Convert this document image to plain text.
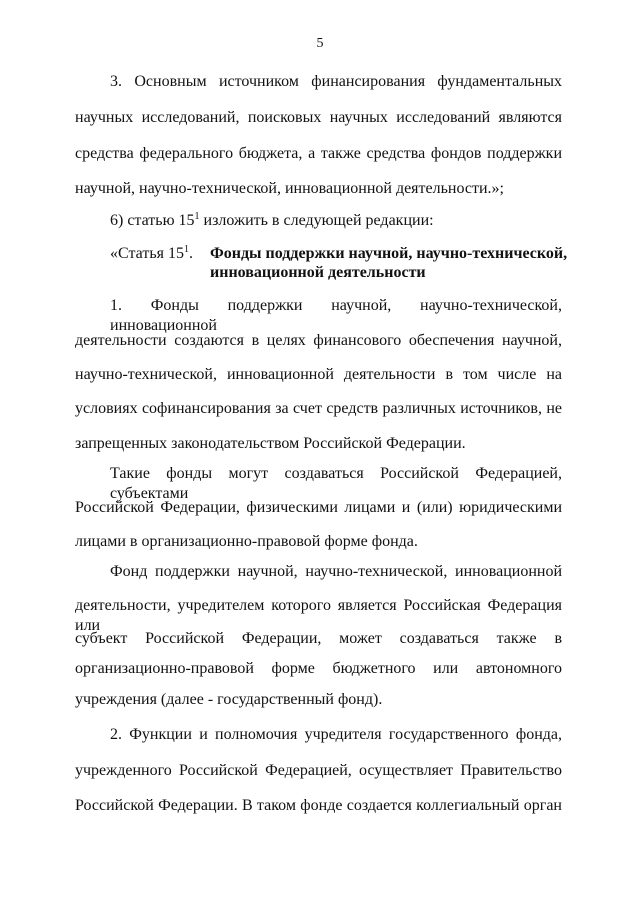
5
3. Основным источником финансирования фундаментальных
научных исследований, поисковых научных исследований являются
средства федерального бюджета, а также средства фондов поддержки
научной, научно-технической, инновационной деятельности.»;
6) статью $15^1$ изложить в следующей редакции:
«Статья $15^1$. Фонды поддержки научной, научно-технической,
инновационной деятельности
1. Фонды поддержки научной, научно-технической, инновационной
деятельности создаются в целях финансового обеспечения научной,
научно-технической, инновационной деятельности в том числе на
условиях софинансирования за счет средств различных источников, не
запрещенных законодательством Российской Федерации.
Такие фонды могут создаваться Российской Федерацией, субъектами
Российской Федерации, физическими лицами и (или) юридическими
лицами в организационно-правовой форме фонда.
Фонд поддержки научной, научно-технической, инновационной
деятельности, учредителем которого является Российская Федерация или
субъект Российской Федерации, может создаваться также в
организационно-правовой форме бюджетного или автономного
учреждения (далее - государственный фонд).
2. Функции и полномочия учредителя государственного фонда,
учрежденного Российской Федерацией, осуществляет Правительство
Российской Федерации. В таком фонде создается коллегиальный орган
